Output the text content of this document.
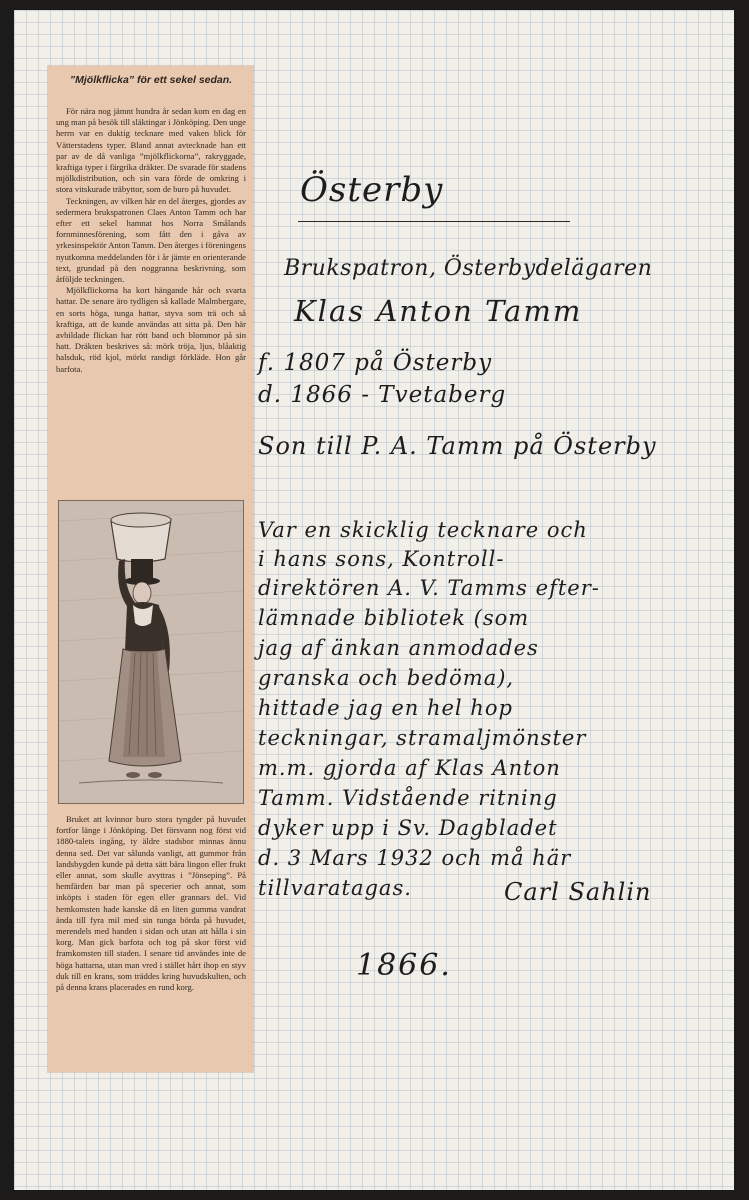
”Mjölkflicka” för ett sekel sedan.

För nära nog jämnt hundra år sedan kom en dag en ung man på besök till släktingar i Jönköping. Den unge herrn var en duktig tecknare med vaken blick för Vätterstadens typer. Bland annat avtecknade han ett par av de då vanliga ”mjölkflickorna”, rakryggade, kraftiga typer i färgrika dräkter. De svarade för stadens mjölkdistribution, och sin vara förde de omkring i stora vitskurade träbyttor, som de buro på huvudet.

Teckningen, av vilken här en del återges, gjordes av sedermera brukspatronen Claes Anton Tamm och har efter ett sekel hamnat hos Norra Smålands fornminnesförening, som fått den i gåva av yrkesinspektör Anton Tamm. Den återges i föreningens nyutkomna meddelanden för i år jämte en orienterande text, grundad på den noggranna beskrivning, som åtföljde teckningen.

Mjölkflickorna ha kort hängande hår och svarta hattar. De senare äro tydligen så kallade Malmbergare, en sorts höga, tunga hattar, styva som trä och så kraftiga, att de kunde användas att sitta på. Den här avbildade flickan har rött band och blommor på sin hatt. Dräkten beskrives så: mörk tröja, ljus, blåaktig halsduk, röd kjol, mörkt randigt förkläde. Hon går barfota.

Bruket att kvinnor buro stora tyngder på huvudet fortfor länge i Jönköping. Det försvann nog först vid 1880-talets ingång, ty äldre stadsbor minnas ännu denna sed. Det var sålunda vanligt, att gummor från landsbygden kunde på detta sätt bära lingon eller frukt eller annat, som skulle avyttras i ”Jönseping”. På hemfärden bar man på specerier och annat, som inköpts i staden för egen eller grannars del. Vid hemkomsten hade kanske då en liten gumma vandrat ända till fyra mil med sin tunga börda på huvudet, merendels med handen i sidan och utan att hålla i sin korg. Man gick barfota och tog på skor först vid framkomsten till staden. I senare tid användes inte de höga hattarna, utan man vred i stället hårt ihop en styv duk till en krans, som träddes kring huvudskulten, och på denna krans placerades en rund korg.

Österby
Brukspatron, Österbydelägaren
Klas Anton Tamm
f. 1807 på Österby
d. 1866 - Tvetaberg
Son till P. A. Tamm på Österby
Var en skicklig tecknare och
i hans sons, Kontroll-
direktören A. V. Tamms efter-
lämnade bibliotek (som
jag af änkan anmodades
granska och bedöma),
hittade jag en hel hop
teckningar, stramaljmönster
m.m. gjorda af Klas Anton
Tamm. Vidstående ritning
dyker upp i Sv. Dagbladet
d. 3 Mars 1932 och må här
tillvaratagas.	Carl Sahlin
1866.
